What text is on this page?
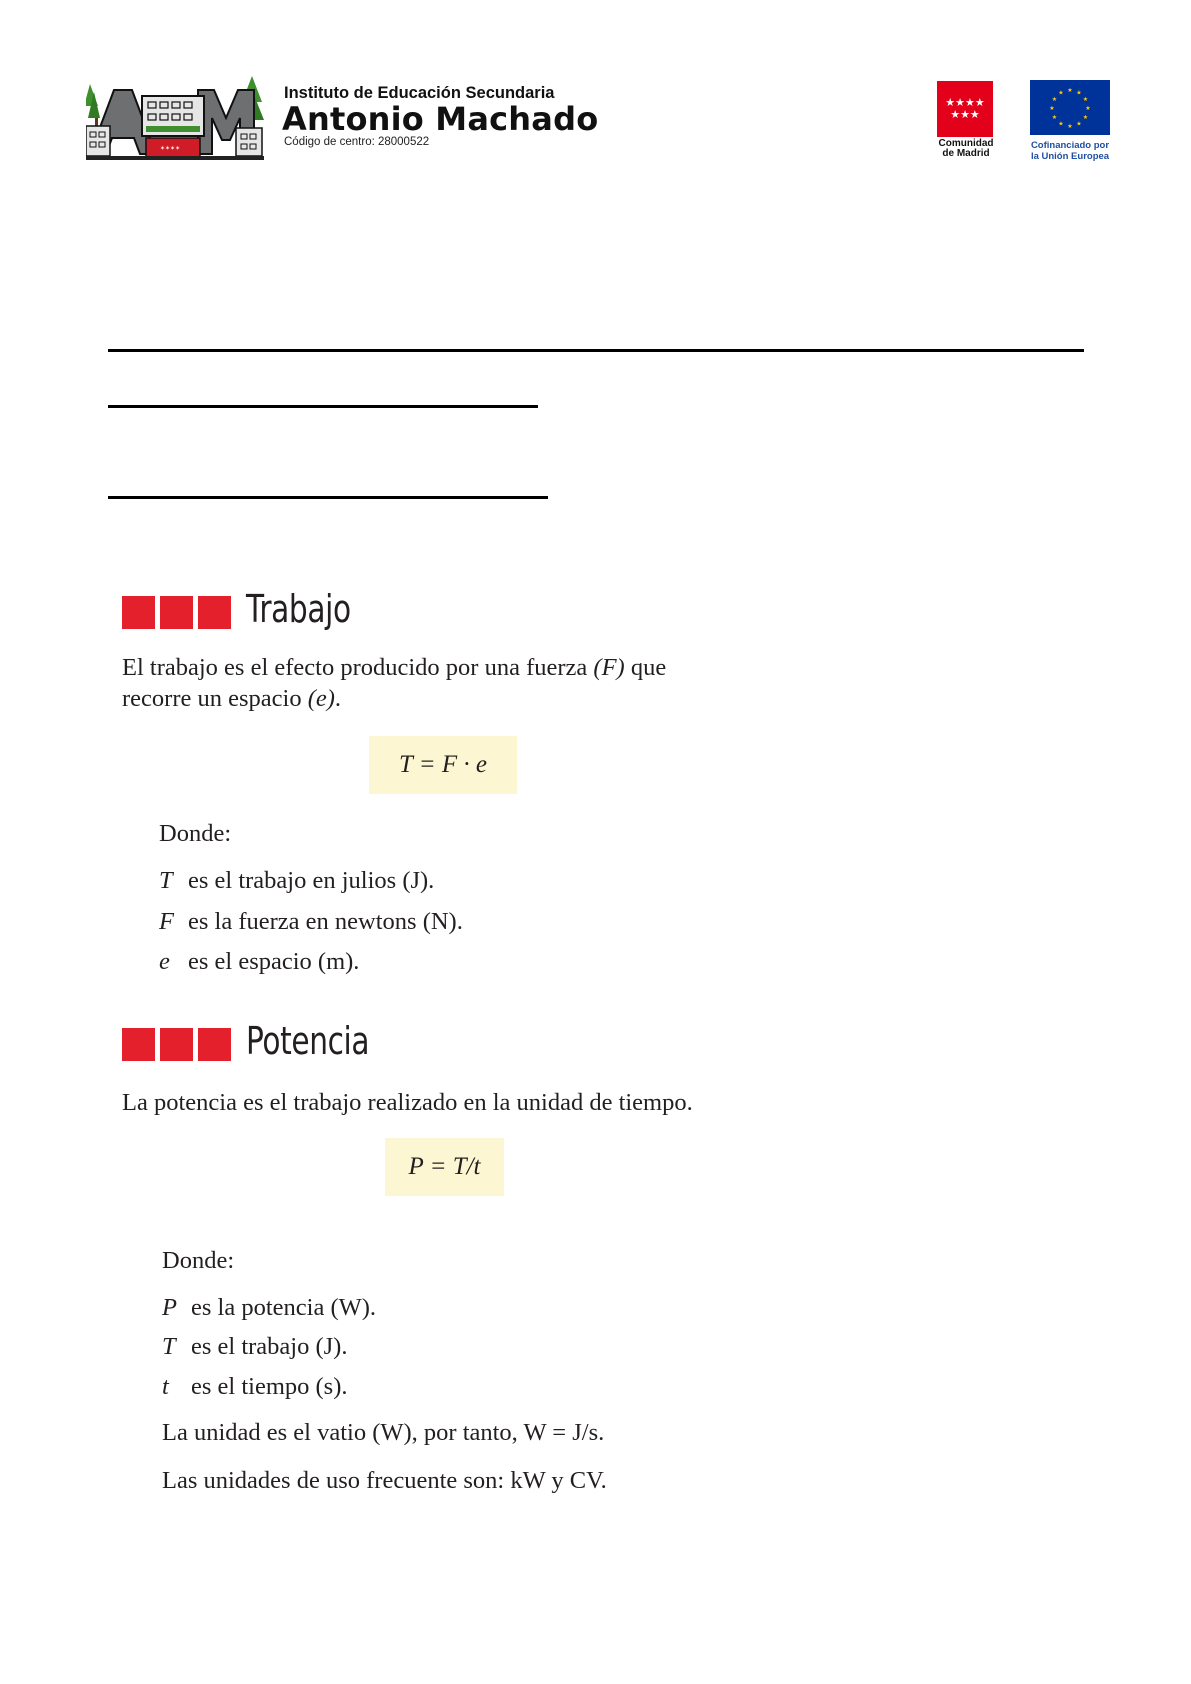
✶✶✶✶
Instituto de Educación Secundaria
Antonio Machado
Código de centro: 28000522
★★★★
★★★
Comunidad
de Madrid
★ ★
★
★
★
★
★
★
★
★
★
★
Cofinanciado por
la Unión Europea
Trabajo
El trabajo es el efecto producido por una fuerza (F) que
recorre un espacio (e).
T = F · e
Donde:
T es el trabajo en julios (J).
F es la fuerza en newtons (N).
e es el espacio (m).
Potencia
La potencia es el trabajo realizado en la unidad de tiempo.
P = T/t
Donde:
P es la potencia (W).
T es el trabajo (J).
t es el tiempo (s).
La unidad es el vatio (W), por tanto, W = J/s.
Las unidades de uso frecuente son: kW y CV.
